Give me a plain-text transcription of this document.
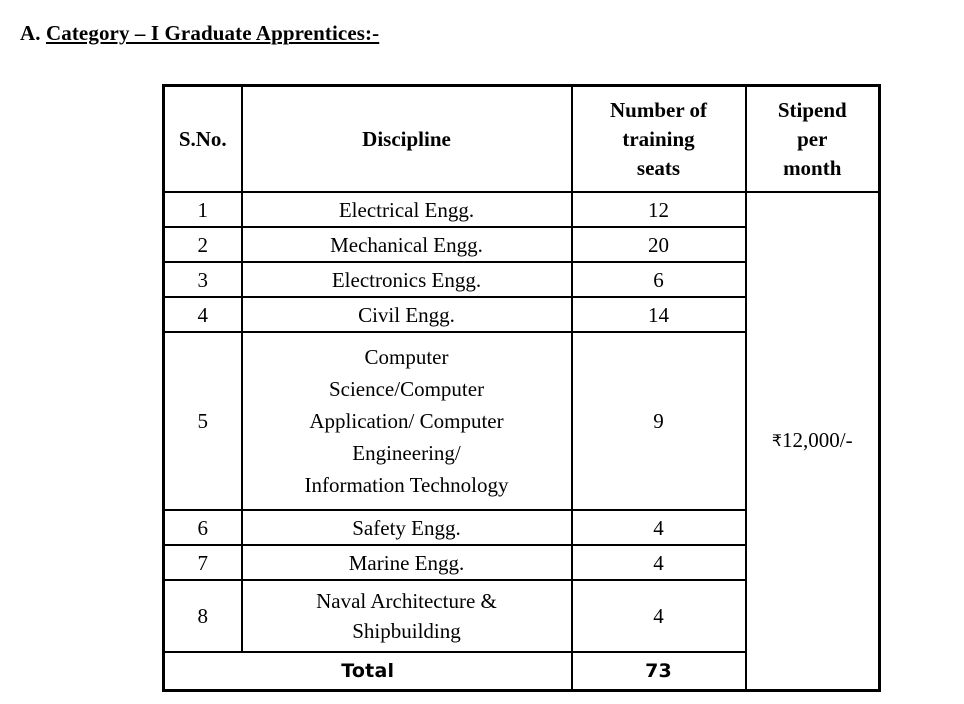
A. Category – I Graduate Apprentices:-
S.No.	Discipline	Number of
training
seats	Stipend
per
month
1	Electrical Engg.	12	₹12,000/-
2	Mechanical Engg.	20	
3	Electronics Engg.	6	
4	Civil Engg.	14	
5	Computer
Science/Computer
Application/ Computer
Engineering/
Information Technology	9	
6	Safety Engg.	4	
7	Marine Engg.	4	
8	Naval Architecture &
Shipbuilding	4	
Total		73	
